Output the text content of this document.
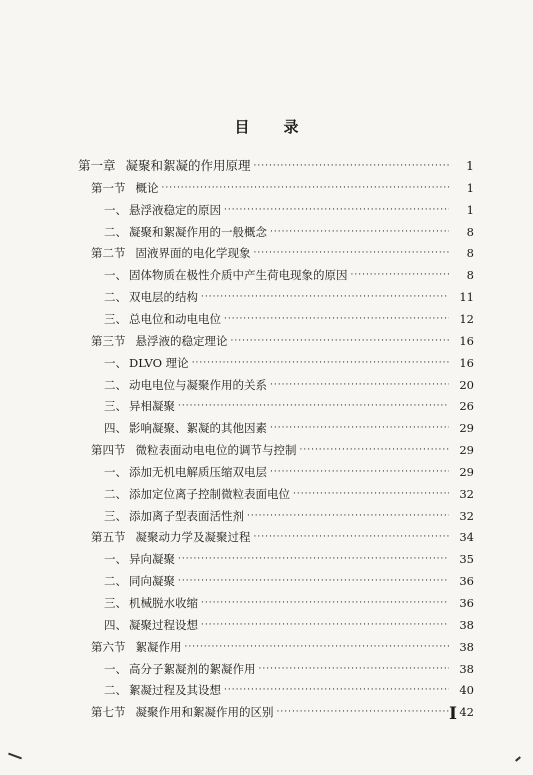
目 录
第一章 凝聚和絮凝的作用原理 ·····	1
第一节 概论 ·····	1
一、 悬浮液稳定的原因 ·····	1
二、 凝聚和絮凝作用的一般概念 ·····	8
第二节 固液界面的电化学现象 ·····	8
一、 固体物质在极性介质中产生荷电现象的原因 ·····	8
二、 双电层的结构 ·····	11
三、 总电位和动电电位 ·····	12
第三节 悬浮液的稳定理论 ·····	16
一、 DLVO 理论 ·····	16
二、 动电电位与凝聚作用的关系 ·····	20
三、 异相凝聚 ·····	26
四、 影响凝聚、絮凝的其他因素 ·····	29
第四节 微粒表面动电电位的调节与控制 ·····	29
一、 添加无机电解质压缩双电层 ·····	29
二、 添加定位离子控制微粒表面电位 ·····	32
三、 添加离子型表面活性剂 ·····	32
第五节 凝聚动力学及凝聚过程 ·····	34
一、 异向凝聚 ·····	35
二、 同向凝聚 ·····	36
三、 机械脱水收缩 ·····	36
四、 凝聚过程设想 ·····	38
第六节 絮凝作用 ·····	38
一、 高分子絮凝剂的絮凝作用 ·····	38
二、 絮凝过程及其设想 ·····	40
第七节 凝聚作用和絮凝作用的区别 ·····	42
I
